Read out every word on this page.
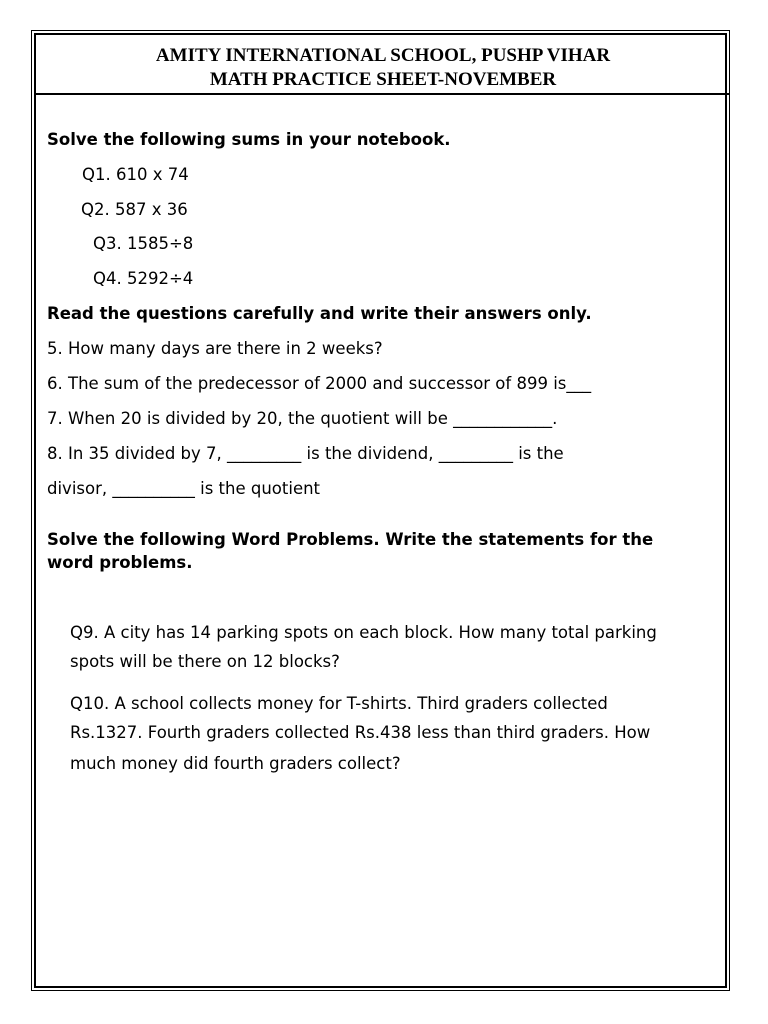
AMITY INTERNATIONAL SCHOOL, PUSHP VIHAR
MATH PRACTICE SHEET-NOVEMBER
Solve the following sums in your notebook.
Q1. 610 x 74
Q2. 587 x 36
Q3. 1585÷8
Q4. 5292÷4
Read the questions carefully and write their answers only.
5. How many days are there in 2 weeks?
6. The sum of the predecessor of 2000 and successor of 899 is___
7. When 20 is divided by 20, the quotient will be ____________.
8. In 35 divided by 7, _________ is the dividend, _________ is the
divisor, __________ is the quotient
Solve the following Word Problems. Write the statements for the
word problems.
Q9. A city has 14 parking spots on each block. How many total parking
spots will be there on 12 blocks?
Q10. A school collects money for T-shirts. Third graders collected
Rs.1327. Fourth graders collected Rs.438 less than third graders. How
much money did fourth graders collect?
